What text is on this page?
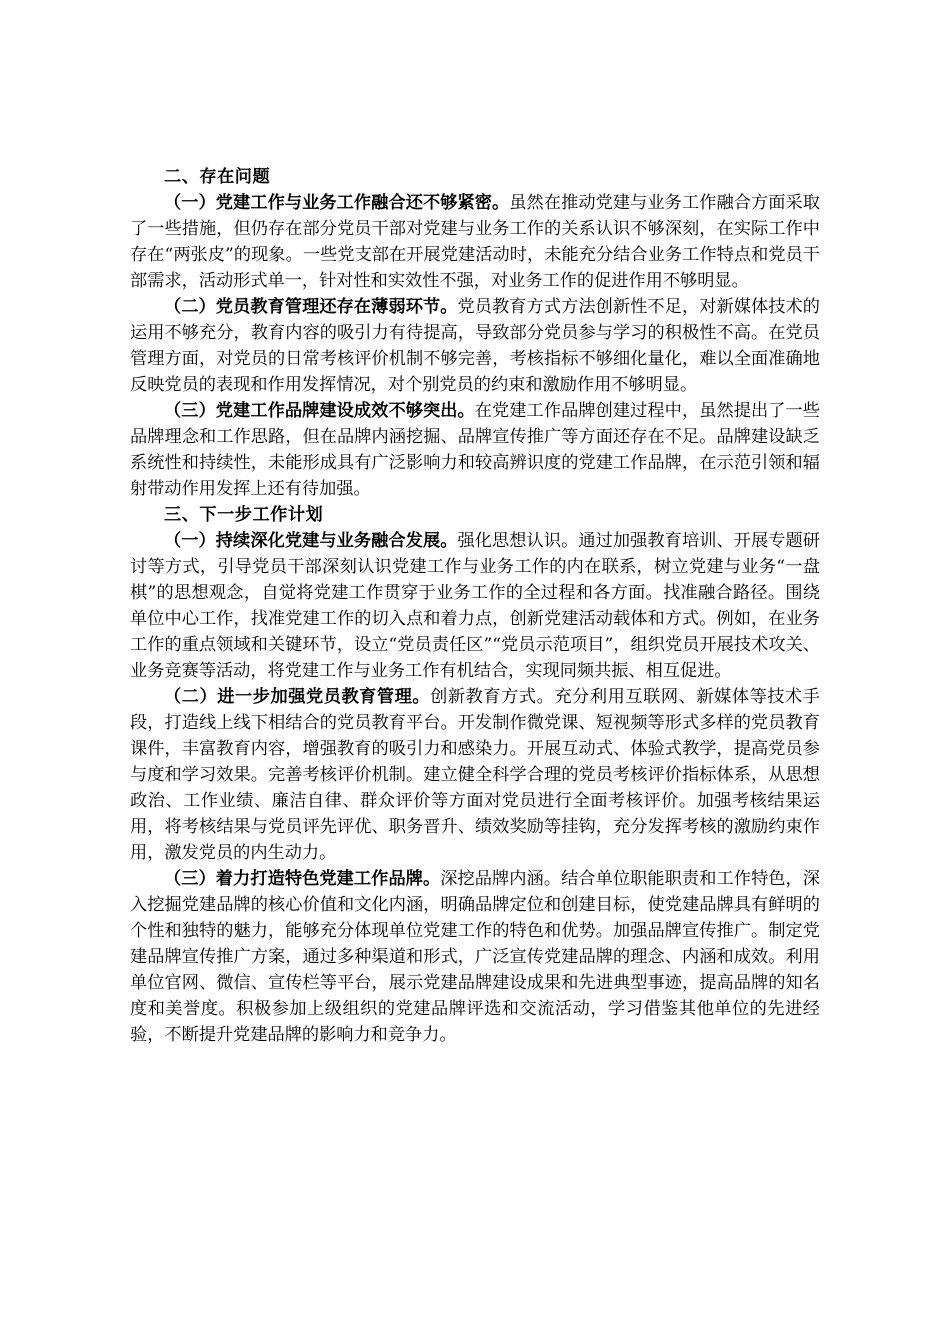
二、存在问题

（一）党建工作与业务工作融合还不够紧密。虽然在推动党建与业务工作融合方面采取了一些措施，但仍存在部分党员干部对党建与业务工作的关系认识不够深刻，在实际工作中存在“两张皮”的现象。一些党支部在开展党建活动时，未能充分结合业务工作特点和党员干部需求，活动形式单一，针对性和实效性不强，对业务工作的促进作用不够明显。

（二）党员教育管理还存在薄弱环节。党员教育方式方法创新性不足，对新媒体技术的运用不够充分，教育内容的吸引力有待提高，导致部分党员参与学习的积极性不高。在党员管理方面，对党员的日常考核评价机制不够完善，考核指标不够细化量化，难以全面准确地反映党员的表现和作用发挥情况，对个别党员的约束和激励作用不够明显。

（三）党建工作品牌建设成效不够突出。在党建工作品牌创建过程中，虽然提出了一些品牌理念和工作思路，但在品牌内涵挖掘、品牌宣传推广等方面还存在不足。品牌建设缺乏系统性和持续性，未能形成具有广泛影响力和较高辨识度的党建工作品牌，在示范引领和辐射带动作用发挥上还有待加强。

三、下一步工作计划

（一）持续深化党建与业务融合发展。强化思想认识。通过加强教育培训、开展专题研讨等方式，引导党员干部深刻认识党建工作与业务工作的内在联系，树立党建与业务“一盘棋”的思想观念，自觉将党建工作贯穿于业务工作的全过程和各方面。找准融合路径。围绕单位中心工作，找准党建工作的切入点和着力点，创新党建活动载体和方式。例如，在业务工作的重点领域和关键环节，设立“党员责任区”“党员示范项目”，组织党员开展技术攻关、业务竞赛等活动，将党建工作与业务工作有机结合，实现同频共振、相互促进。

（二）进一步加强党员教育管理。创新教育方式。充分利用互联网、新媒体等技术手段，打造线上线下相结合的党员教育平台。开发制作微党课、短视频等形式多样的党员教育课件，丰富教育内容，增强教育的吸引力和感染力。开展互动式、体验式教学，提高党员参与度和学习效果。完善考核评价机制。建立健全科学合理的党员考核评价指标体系，从思想政治、工作业绩、廉洁自律、群众评价等方面对党员进行全面考核评价。加强考核结果运用，将考核结果与党员评先评优、职务晋升、绩效奖励等挂钩，充分发挥考核的激励约束作用，激发党员的内生动力。

（三）着力打造特色党建工作品牌。深挖品牌内涵。结合单位职能职责和工作特色，深入挖掘党建品牌的核心价值和文化内涵，明确品牌定位和创建目标，使党建品牌具有鲜明的个性和独特的魅力，能够充分体现单位党建工作的特色和优势。加强品牌宣传推广。制定党建品牌宣传推广方案，通过多种渠道和形式，广泛宣传党建品牌的理念、内涵和成效。利用单位官网、微信、宣传栏等平台，展示党建品牌建设成果和先进典型事迹，提高品牌的知名度和美誉度。积极参加上级组织的党建品牌评选和交流活动，学习借鉴其他单位的先进经验，不断提升党建品牌的影响力和竞争力。
